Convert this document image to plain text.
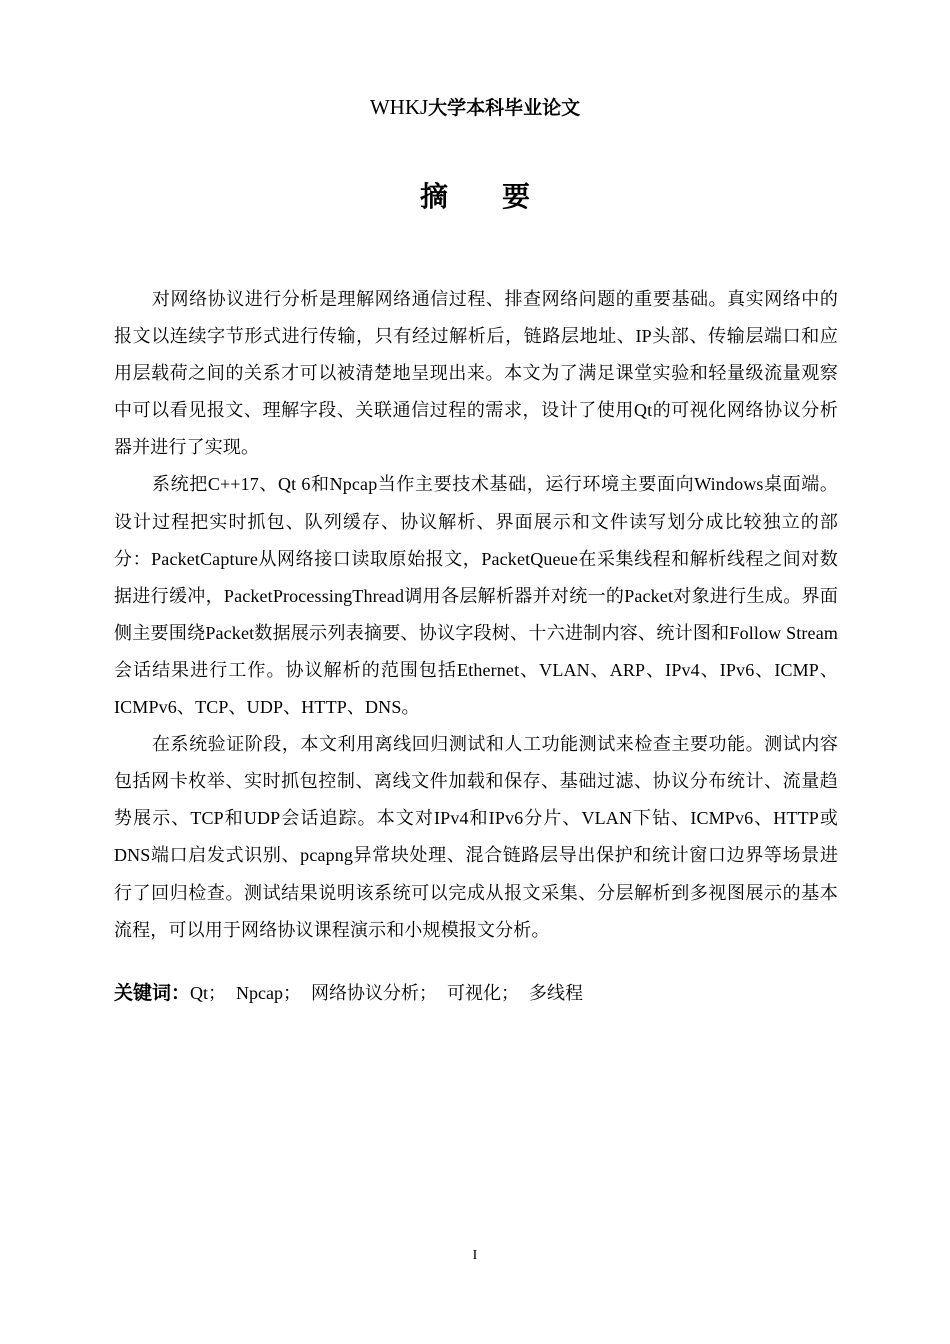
WHKJ大学本科毕业论文
摘要

对网络协议进行分析是理解网络通信过程、排查网络问题的重要基础。真实网络中的报文以连续字节形式进行传输，只有经过解析后，链路层地址、IP头部、传输层端口和应用层载荷之间的关系才可以被清楚地呈现出来。本文为了满足课堂实验和轻量级流量观察中可以看见报文、理解字段、关联通信过程的需求，设计了使用Qt的可视化网络协议分析器并进行了实现。

系统把C++17、Qt 6和Npcap当作主要技术基础，运行环境主要面向Windows桌面端。设计过程把实时抓包、队列缓存、协议解析、界面展示和文件读写划分成比较独立的部分：PacketCapture从网络接口读取原始报文，PacketQueue在采集线程和解析线程之间对数据进行缓冲，PacketProcessingThread调用各层解析器并对统一的Packet对象进行生成。界面侧主要围绕Packet数据展示列表摘要、协议字段树、十六进制内容、统计图和Follow Stream会话结果进行工作。协议解析的范围包括Ethernet、VLAN、ARP、IPv4、IPv6、ICMP、ICMPv6、TCP、UDP、HTTP、DNS。

在系统验证阶段，本文利用离线回归测试和人工功能测试来检查主要功能。测试内容包括网卡枚举、实时抓包控制、离线文件加载和保存、基础过滤、协议分布统计、流量趋势展示、TCP和UDP会话追踪。本文对IPv4和IPv6分片、VLAN下钻、ICMPv6、HTTP或DNS端口启发式识别、pcapng异常块处理、混合链路层导出保护和统计窗口边界等场景进行了回归检查。测试结果说明该系统可以完成从报文采集、分层解析到多视图展示的基本流程，可以用于网络协议课程演示和小规模报文分析。

关键词：Qt； Npcap； 网络协议分析； 可视化； 多线程
I
